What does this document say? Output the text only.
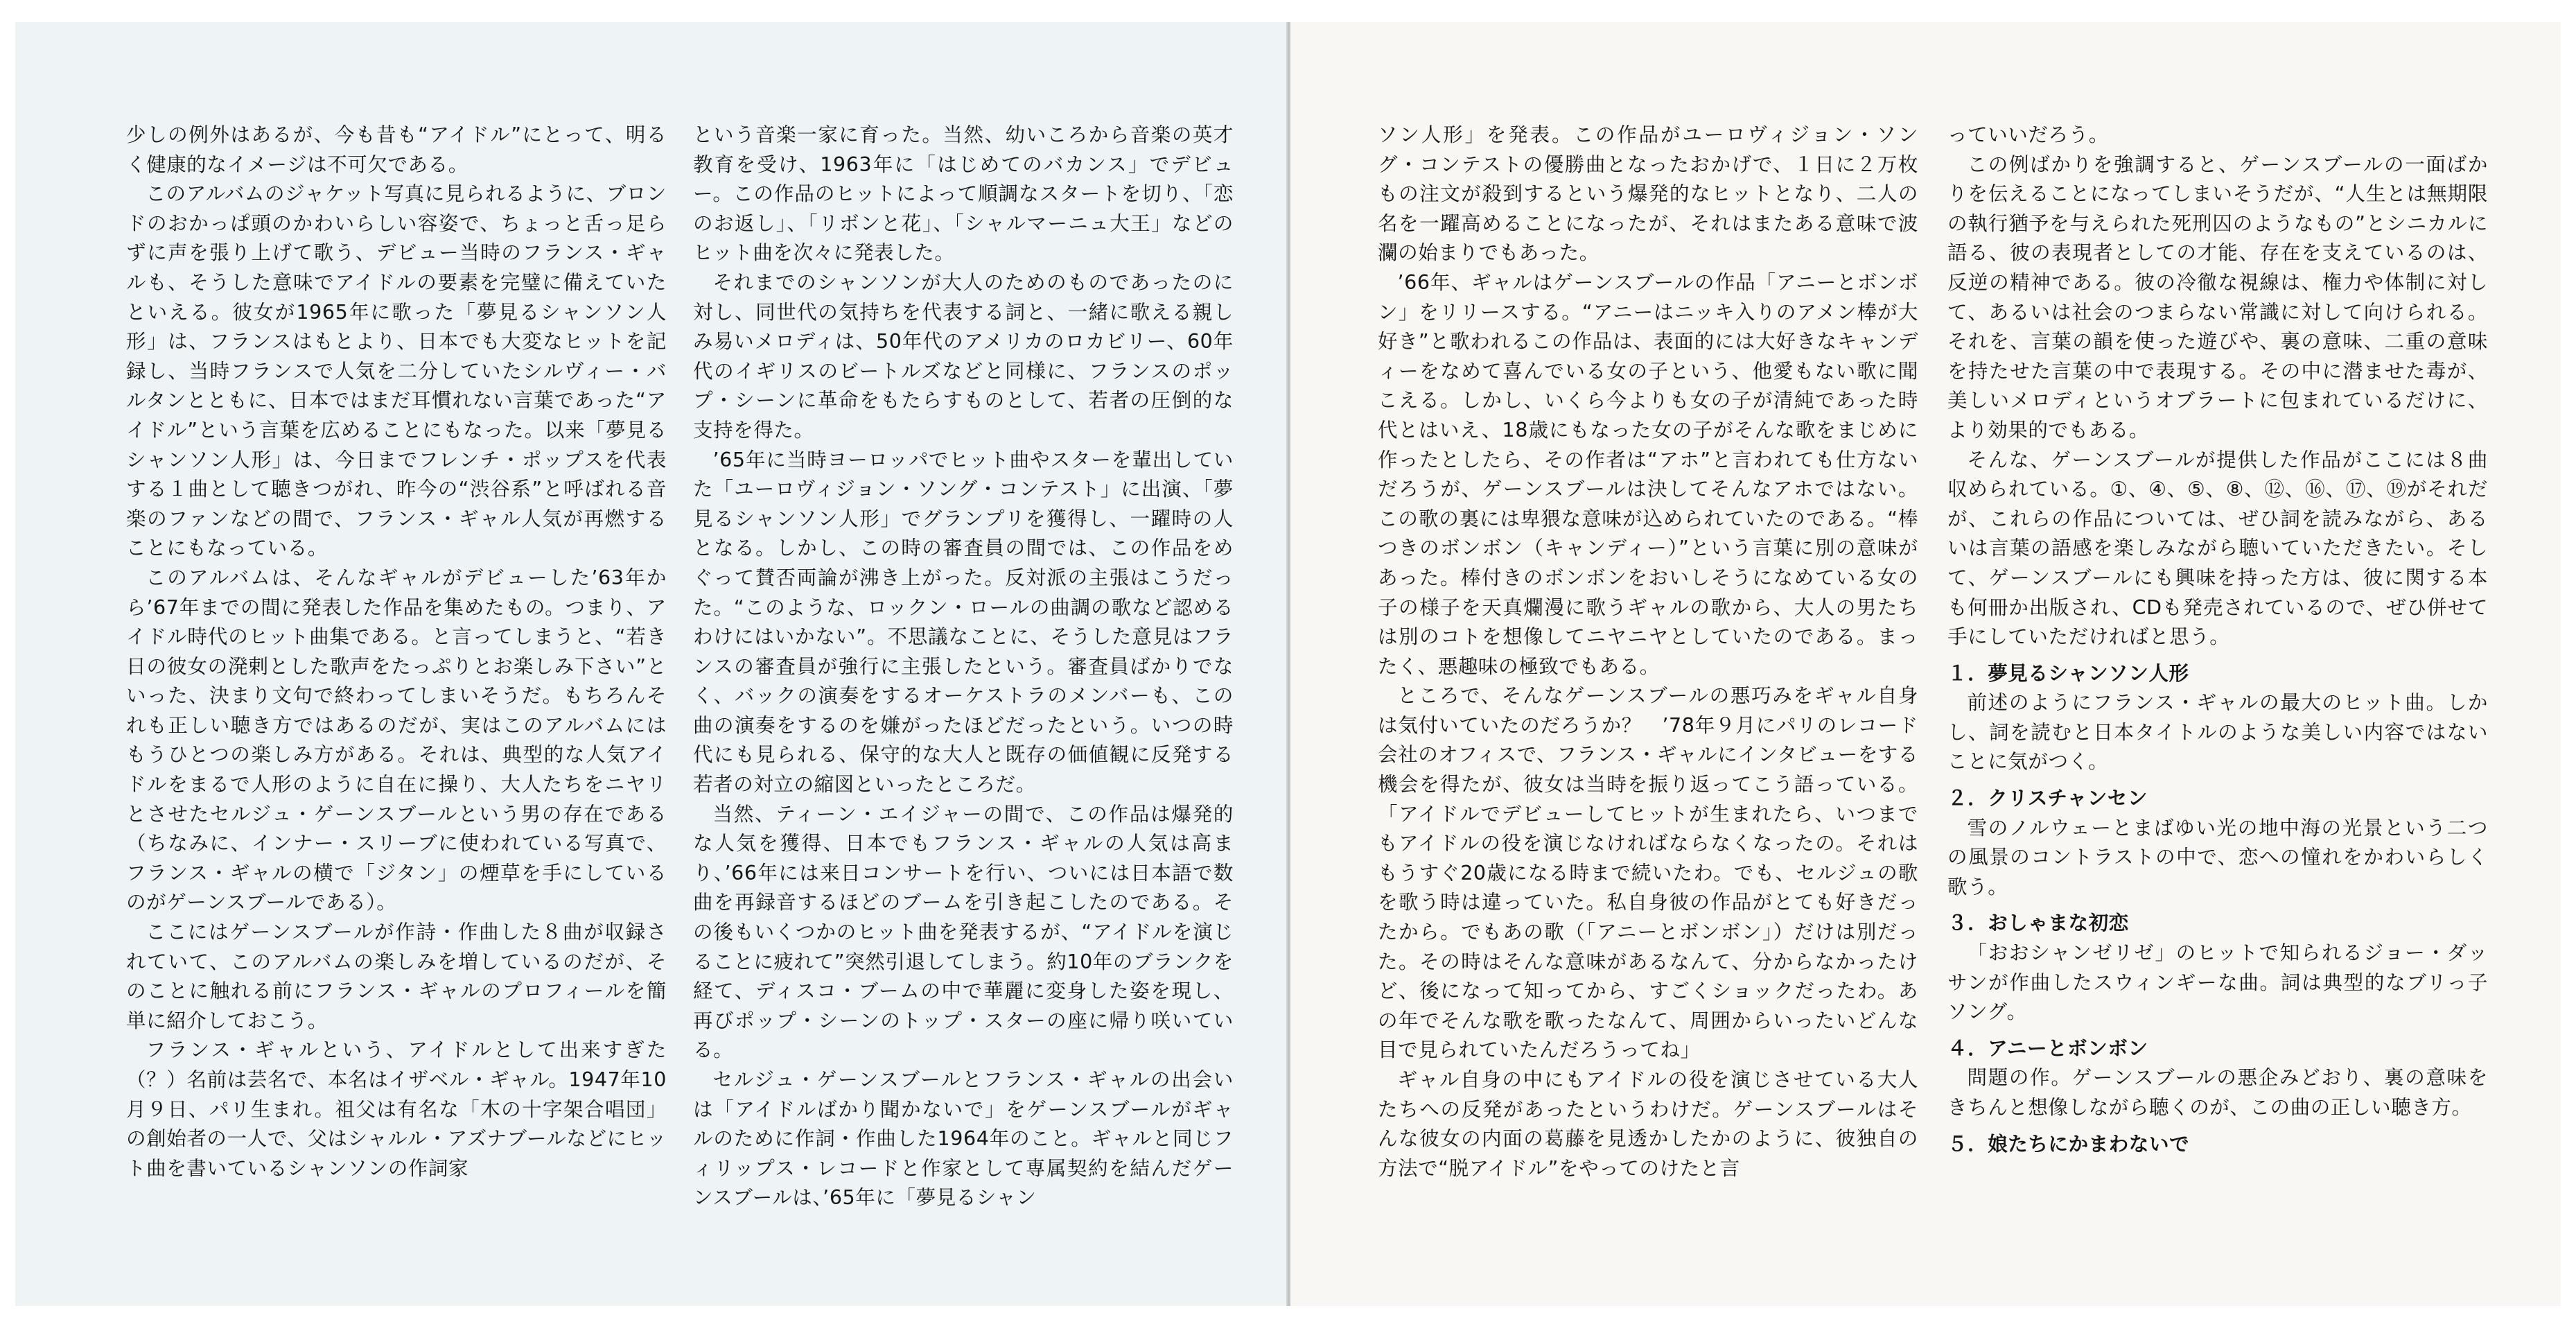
少しの例外はあるが、今も昔も“アイドル”にとって、明るく健康的なイメージは不可欠である。

このアルバムのジャケット写真に見られるように、ブロンドのおかっぱ頭のかわいらしい容姿で、ちょっと舌っ足らずに声を張り上げて歌う、デビュー当時のフランス・ギャルも、そうした意味でアイドルの要素を完璧に備えていたといえる。彼女が1965年に歌った「夢見るシャンソン人形」は、フランスはもとより、日本でも大変なヒットを記録し、当時フランスで人気を二分していたシルヴィー・バルタンとともに、日本ではまだ耳慣れない言葉であった“アイドル”という言葉を広めることにもなった。以来「夢見るシャンソン人形」は、今日までフレンチ・ポップスを代表する１曲として聴きつがれ、昨今の“渋谷系”と呼ばれる音楽のファンなどの間で、フランス・ギャル人気が再燃することにもなっている。

このアルバムは、そんなギャルがデビューした’63年から’67年までの間に発表した作品を集めたもの。つまり、アイドル時代のヒット曲集である。と言ってしまうと、“若き日の彼女の溌剌とした歌声をたっぷりとお楽しみ下さい”といった、決まり文句で終わってしまいそうだ。もちろんそれも正しい聴き方ではあるのだが、実はこのアルバムにはもうひとつの楽しみ方がある。それは、典型的な人気アイドルをまるで人形のように自在に操り、大人たちをニヤリとさせたセルジュ・ゲーンスブールという男の存在である（ちなみに、インナー・スリーブに使われている写真で、フランス・ギャルの横で「ジタン」の煙草を手にしているのがゲーンスブールである）。

ここにはゲーンスブールが作詩・作曲した８曲が収録されていて、このアルバムの楽しみを増しているのだが、そのことに触れる前にフランス・ギャルのプロフィールを簡単に紹介しておこう。

フランス・ギャルという、アイドルとして出来すぎた（？）名前は芸名で、本名はイザベル・ギャル。1947年10月９日、パリ生まれ。祖父は有名な「木の十字架合唱団」の創始者の一人で、父はシャルル・アズナブールなどにヒット曲を書いているシャンソンの作詞家

という音楽一家に育った。当然、幼いころから音楽の英才教育を受け、1963年に「はじめてのバカンス」でデビュー。この作品のヒットによって順調なスタートを切り、「恋のお返し」、「リボンと花」、「シャルマーニュ大王」などのヒット曲を次々に発表した。

それまでのシャンソンが大人のためのものであったのに対し、同世代の気持ちを代表する詞と、一緒に歌える親しみ易いメロディは、50年代のアメリカのロカビリー、60年代のイギリスのビートルズなどと同様に、フランスのポップ・シーンに革命をもたらすものとして、若者の圧倒的な支持を得た。

’65年に当時ヨーロッパでヒット曲やスターを輩出していた「ユーロヴィジョン・ソング・コンテスト」に出演、「夢見るシャンソン人形」でグランプリを獲得し、一躍時の人となる。しかし、この時の審査員の間では、この作品をめぐって賛否両論が沸き上がった。反対派の主張はこうだった。“このような、ロックン・ロールの曲調の歌など認めるわけにはいかない”。不思議なことに、そうした意見はフランスの審査員が強行に主張したという。審査員ばかりでなく、バックの演奏をするオーケストラのメンバーも、この曲の演奏をするのを嫌がったほどだったという。いつの時代にも見られる、保守的な大人と既存の価値観に反発する若者の対立の縮図といったところだ。

当然、ティーン・エイジャーの間で、この作品は爆発的な人気を獲得、日本でもフランス・ギャルの人気は高まり、’66年には来日コンサートを行い、ついには日本語で数曲を再録音するほどのブームを引き起こしたのである。その後もいくつかのヒット曲を発表するが、“アイドルを演じることに疲れて”突然引退してしまう。約10年のブランクを経て、ディスコ・ブームの中で華麗に変身した姿を現し、再びポップ・シーンのトップ・スターの座に帰り咲いている。

セルジュ・ゲーンスブールとフランス・ギャルの出会いは「アイドルばかり聞かないで」をゲーンスブールがギャルのために作詞・作曲した1964年のこと。ギャルと同じフィリップス・レコードと作家として専属契約を結んだゲーンスブールは、’65年に「夢見るシャン

ソン人形」を発表。この作品がユーロヴィジョン・ソング・コンテストの優勝曲となったおかげで、１日に２万枚もの注文が殺到するという爆発的なヒットとなり、二人の名を一躍高めることになったが、それはまたある意味で波瀾の始まりでもあった。

’66年、ギャルはゲーンスブールの作品「アニーとボンボン」をリリースする。“アニーはニッキ入りのアメン棒が大好き”と歌われるこの作品は、表面的には大好きなキャンディーをなめて喜んでいる女の子という、他愛もない歌に聞こえる。しかし、いくら今よりも女の子が清純であった時代とはいえ、18歳にもなった女の子がそんな歌をまじめに作ったとしたら、その作者は“アホ”と言われても仕方ないだろうが、ゲーンスブールは決してそんなアホではない。この歌の裏には卑猥な意味が込められていたのである。“棒つきのボンボン（キャンディー）”という言葉に別の意味があった。棒付きのボンボンをおいしそうになめている女の子の様子を天真爛漫に歌うギャルの歌から、大人の男たちは別のコトを想像してニヤニヤとしていたのである。まったく、悪趣味の極致でもある。

ところで、そんなゲーンスブールの悪巧みをギャル自身は気付いていたのだろうか？　’78年９月にパリのレコード会社のオフィスで、フランス・ギャルにインタビューをする機会を得たが、彼女は当時を振り返ってこう語っている。「アイドルでデビューしてヒットが生まれたら、いつまでもアイドルの役を演じなければならなくなったの。それはもうすぐ20歳になる時まで続いたわ。でも、セルジュの歌を歌う時は違っていた。私自身彼の作品がとても好きだったから。でもあの歌（「アニーとボンボン」）だけは別だった。その時はそんな意味があるなんて、分からなかったけど、後になって知ってから、すごくショックだったわ。あの年でそんな歌を歌ったなんて、周囲からいったいどんな目で見られていたんだろうってね」

ギャル自身の中にもアイドルの役を演じさせている大人たちへの反発があったというわけだ。ゲーンスブールはそんな彼女の内面の葛藤を見透かしたかのように、彼独自の方法で“脱アイドル”をやってのけたと言

っていいだろう。

この例ばかりを強調すると、ゲーンスブールの一面ばかりを伝えることになってしまいそうだが、“人生とは無期限の執行猶予を与えられた死刑囚のようなもの”とシニカルに語る、彼の表現者としての才能、存在を支えているのは、反逆の精神である。彼の冷徹な視線は、権力や体制に対して、あるいは社会のつまらない常識に対して向けられる。それを、言葉の韻を使った遊びや、裏の意味、二重の意味を持たせた言葉の中で表現する。その中に潜ませた毒が、美しいメロディというオブラートに包まれているだけに、より効果的でもある。

そんな、ゲーンスブールが提供した作品がここには８曲収められている。①、④、⑤、⑧、⑫、⑯、⑰、⑲がそれだが、これらの作品については、ぜひ詞を読みながら、あるいは言葉の語感を楽しみながら聴いていただきたい。そして、ゲーンスブールにも興味を持った方は、彼に関する本も何冊か出版され、CDも発売されているので、ぜひ併せて手にしていただければと思う。

１．夢見るシャンソン人形

前述のようにフランス・ギャルの最大のヒット曲。しかし、詞を読むと日本タイトルのような美しい内容ではないことに気がつく。

２．クリスチャンセン

雪のノルウェーとまばゆい光の地中海の光景という二つの風景のコントラストの中で、恋への憧れをかわいらしく歌う。

３．おしゃまな初恋

「おおシャンゼリゼ」のヒットで知られるジョー・ダッサンが作曲したスウィンギーな曲。詞は典型的なブリっ子ソング。

４．アニーとボンボン

問題の作。ゲーンスブールの悪企みどおり、裏の意味をきちんと想像しながら聴くのが、この曲の正しい聴き方。

５．娘たちにかまわないで
